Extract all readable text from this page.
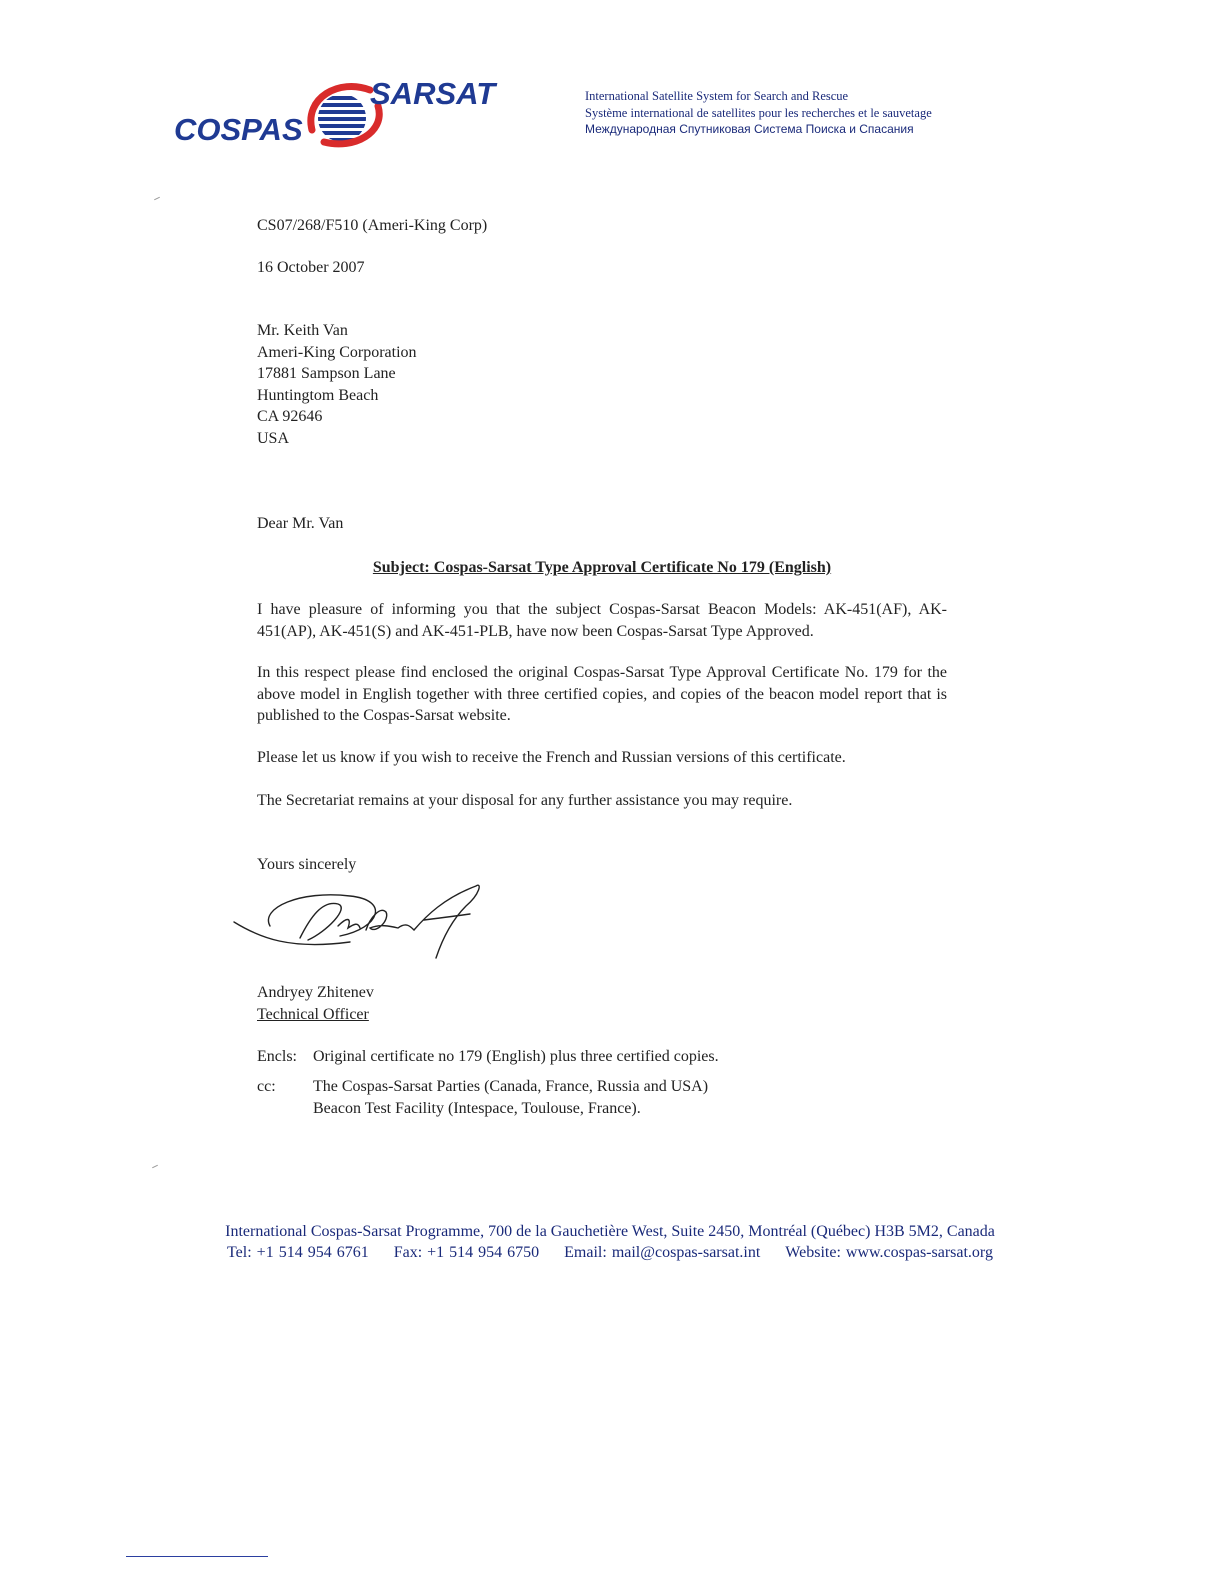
COSPAS
SARSAT	International Satellite System for Search and Rescue
Système international de satellites pour les recherches et le sauvetage
Международная Спутниковая Система Поиска и Спасания
CS07/268/F510 (Ameri-King Corp)
16 October 2007
Mr. Keith Van
Ameri-King Corporation
17881 Sampson Lane
Huntingtom Beach
CA 92646
USA
Dear Mr. Van
Subject: Cospas-Sarsat Type Approval Certificate No 179 (English)
I have pleasure of informing you that the subject Cospas-Sarsat Beacon Models: AK-451(AF), AK-451(AP), AK-451(S) and AK-451-PLB, have now been Cospas-Sarsat Type Approved.
In this respect please find enclosed the original Cospas-Sarsat Type Approval Certificate No. 179 for the above model in English together with three certified copies, and copies of the beacon model report that is published to the Cospas-Sarsat website.
Please let us know if you wish to receive the French and Russian versions of this certificate.
The Secretariat remains at your disposal for any further assistance you may require.
Yours sincerely
Andryey Zhitenev
Technical Officer
Encls:	Original certificate no 179 (English) plus three certified copies.
cc:	The Cospas-Sarsat Parties (Canada, France, Russia and USA)
Beacon Test Facility (Intespace, Toulouse, France).
International Cospas-Sarsat Programme, 700 de la Gauchetière West, Suite 2450, Montréal (Québec) H3B 5M2, Canada
Tel: +1 514 954 6761 Fax: +1 514 954 6750 Email: mail@cospas-sarsat.int Website: www.cospas-sarsat.org
